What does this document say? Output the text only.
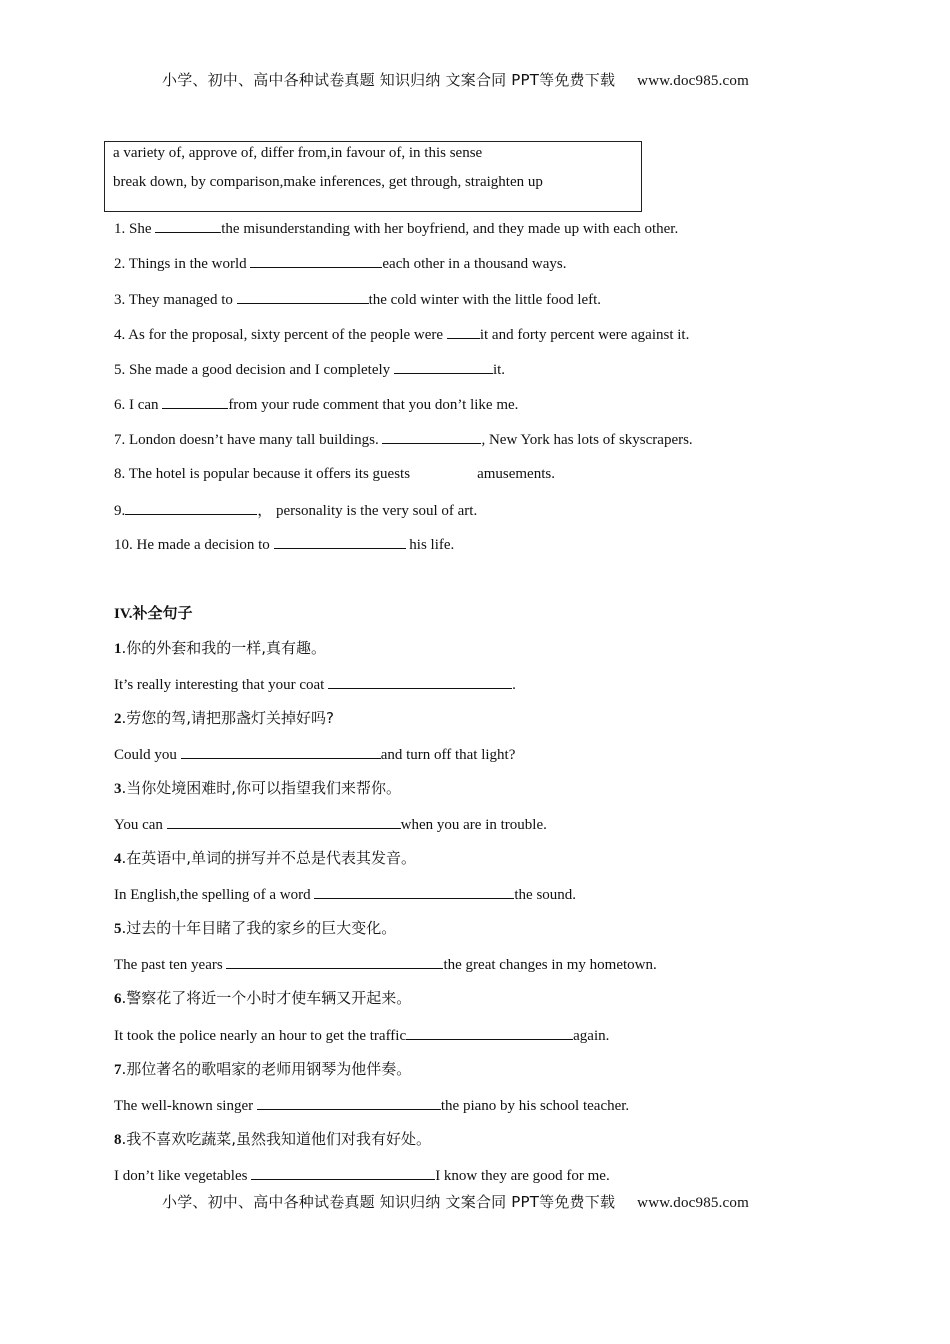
小学、初中、高中各种试卷真题 知识归纳 文案合同 PPT等免费下载 www.doc985.com
a variety of, approve of, differ from,in favour of, in this sense
break down, by comparison,make inferences, get through, straighten up
1. She	the misunderstanding with her boyfriend, and they made up with each other.
2. Things in the world	each other in a thousand ways.
3. They managed to	the cold winter with the little food left.
4. As for the proposal, sixty percent of the people were it and forty percent were against it.
5. She made a good decision and I completely	it.
6. I can	from your rude comment that you don’t like me.
7. London doesn’t have many tall buildings.	, New York has lots of skyscrapers.
8. The hotel is popular because it offers its guests	amusements.
9.	， personality is the very soul of art.
10. He made a decision to	his life.
IV.补全句子
1.你的外套和我的一样,真有趣。
It’s really interesting that your coat	.
2.劳您的驾,请把那盏灯关掉好吗?
Could you	and turn off that light?
3.当你处境困难时,你可以指望我们来帮你。
You can	when you are in trouble.
4.在英语中,单词的拼写并不总是代表其发音。
In English,the spelling of a word	the sound.
5.过去的十年目睹了我的家乡的巨大变化。
The past ten years	the great changes in my hometown.
6.警察花了将近一个小时才使车辆又开起来。
It took the police nearly an hour to get the traffic	again.
7.那位著名的歌唱家的老师用钢琴为他伴奏。
The well-known singer	the piano by his school teacher.
8.我不喜欢吃蔬菜,虽然我知道他们对我有好处。
I don’t like vegetables	I know they are good for me.
小学、初中、高中各种试卷真题 知识归纳 文案合同 PPT等免费下载 www.doc985.com
